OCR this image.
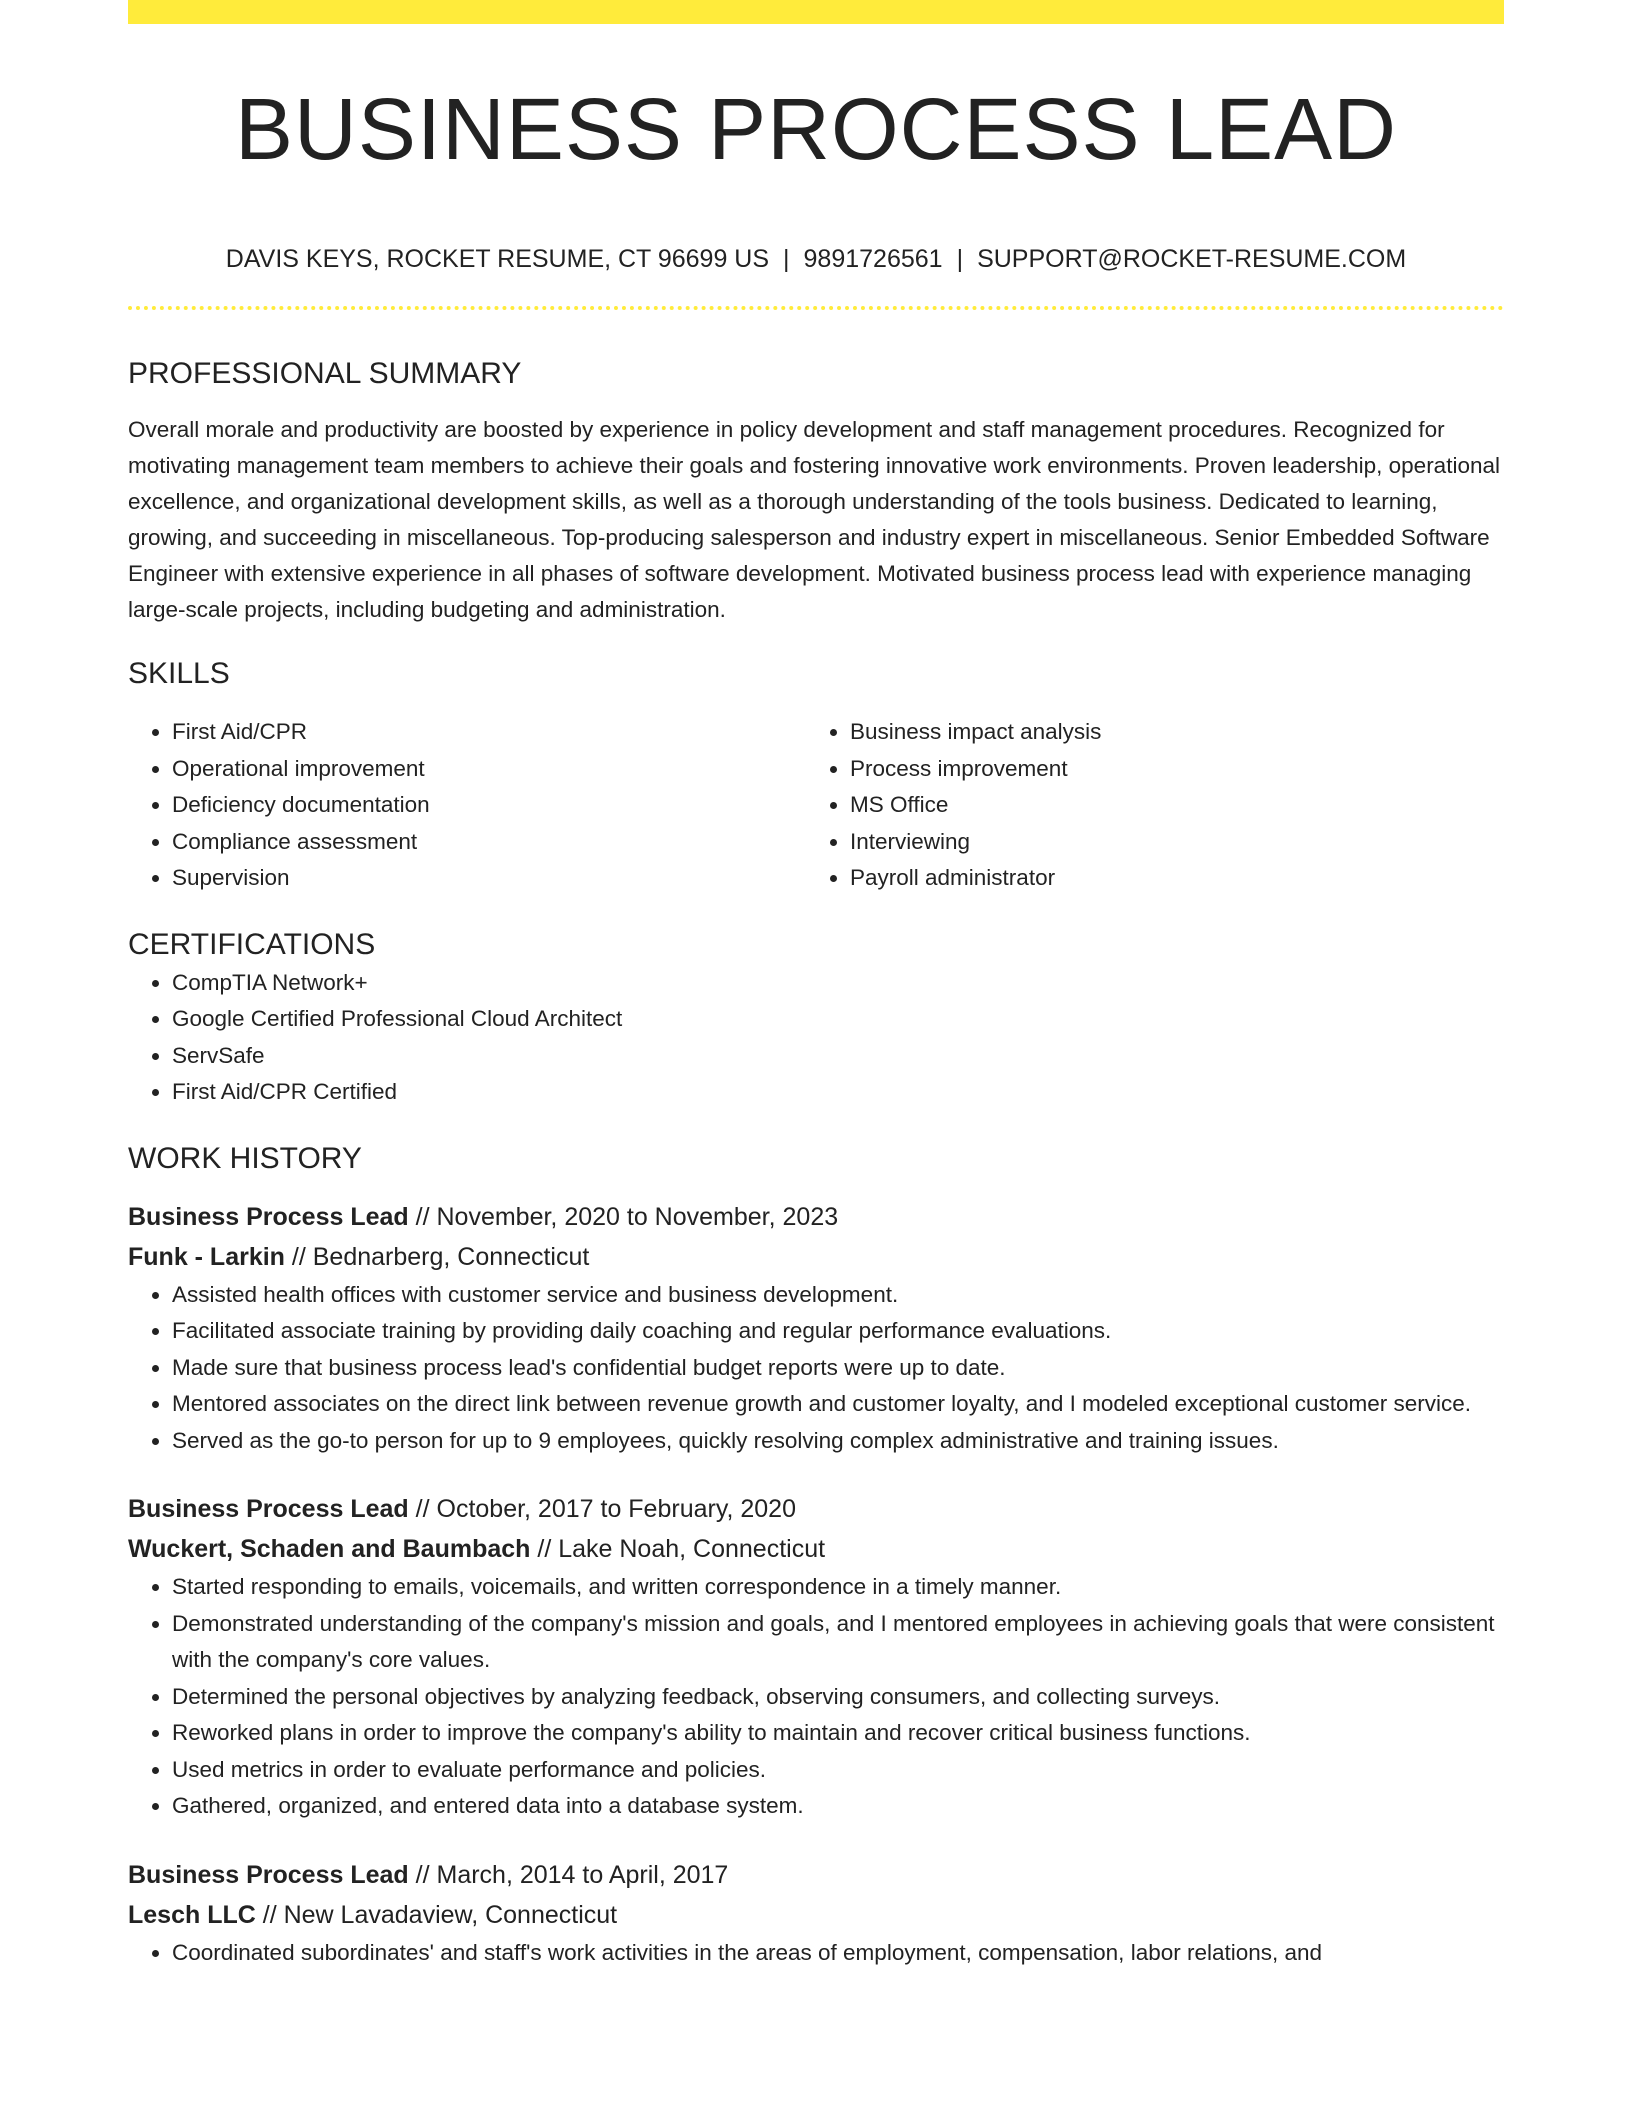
BUSINESS PROCESS LEAD
DAVIS KEYS, ROCKET RESUME, CT 96699 US | 9891726561 | SUPPORT@ROCKET-RESUME.COM
PROFESSIONAL SUMMARY
Overall morale and productivity are boosted by experience in policy development and staff management procedures. Recognized for motivating management team members to achieve their goals and fostering innovative work environments. Proven leadership, operational excellence, and organizational development skills, as well as a thorough understanding of the tools business. Dedicated to learning, growing, and succeeding in miscellaneous. Top-producing salesperson and industry expert in miscellaneous. Senior Embedded Software Engineer with extensive experience in all phases of software development. Motivated business process lead with experience managing large-scale projects, including budgeting and administration.
SKILLS
• First Aid/CPR
• Operational improvement
• Deficiency documentation
• Compliance assessment
• Supervision
• Business impact analysis
• Process improvement
• MS Office
• Interviewing
• Payroll administrator
CERTIFICATIONS
• CompTIA Network+
• Google Certified Professional Cloud Architect
• ServSafe
• First Aid/CPR Certified
WORK HISTORY
Business Process Lead // November, 2020 to November, 2023
Funk - Larkin // Bednarberg, Connecticut
• Assisted health offices with customer service and business development.
• Facilitated associate training by providing daily coaching and regular performance evaluations.
• Made sure that business process lead's confidential budget reports were up to date.
• Mentored associates on the direct link between revenue growth and customer loyalty, and I modeled exceptional customer service.
• Served as the go-to person for up to 9 employees, quickly resolving complex administrative and training issues.
Business Process Lead // October, 2017 to February, 2020
Wuckert, Schaden and Baumbach // Lake Noah, Connecticut
• Started responding to emails, voicemails, and written correspondence in a timely manner.
• Demonstrated understanding of the company's mission and goals, and I mentored employees in achieving goals that were consistent with the company's core values.
• Determined the personal objectives by analyzing feedback, observing consumers, and collecting surveys.
• Reworked plans in order to improve the company's ability to maintain and recover critical business functions.
• Used metrics in order to evaluate performance and policies.
• Gathered, organized, and entered data into a database system.
Business Process Lead // March, 2014 to April, 2017
Lesch LLC // New Lavadaview, Connecticut
• Coordinated subordinates' and staff's work activities in the areas of employment, compensation, labor relations, and
